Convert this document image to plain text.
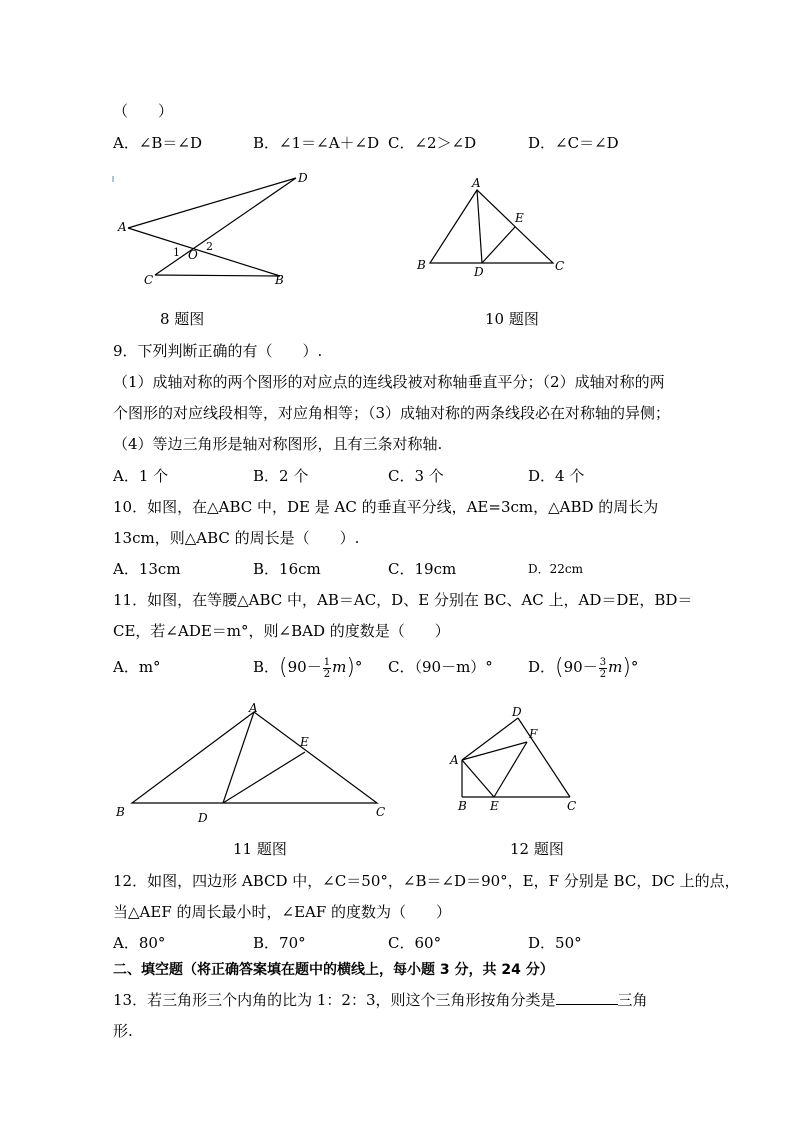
（　　）
A．∠B＝∠D	B．∠1＝∠A＋∠D C．∠2＞∠D	D．∠C＝∠D
D
A
O
1 2
C	B
8 题图
A
E
B	D	C
10 题图
9．下列判断正确的有（　　）.
（1）成轴对称的两个图形的对应点的连线段被对称轴垂直平分；（2）成轴对称的两
个图形的对应线段相等，对应角相等；（3）成轴对称的两条线段必在对称轴的异侧；
（4）等边三角形是轴对称图形，且有三条对称轴.
A．1 个	B．2 个	C．3 个	D．4 个
10．如图，在△ABC 中，DE 是 AC 的垂直平分线，AE=3cm，△ABD 的周长为
13cm，则△ABC 的周长是（　　）.
A．13cm	B．16cm	C．19cm	D．22cm
11．如图，在等腰△ABC 中，AB＝AC，D、E 分别在 BC、AC 上，AD＝DE，BD＝
CE，若∠ADE＝m°，则∠BAD 的度数是（　　）
A．m°	B．$(90- \frac{1}{2} m)^\circ$ C．（90－m）° D．$(90- \frac{3}{2} m)^\circ$
A
E
B	D	C
11 题图
D
F
A
B E	C
12 题图
12．如图，四边形 ABCD 中，∠C＝50°，∠B＝∠D＝90°，E，F 分别是 BC，DC 上的点，
当△AEF 的周长最小时，∠EAF 的度数为（　　）
A．80°	B．70°	C．60°	D．50°
二、填空题（将正确答案填在题中的横线上，每小题 3 分，共 24 分）
13．若三角形三个内角的比为 1：2：3，则这个三角形按角分类是	三角
形.
